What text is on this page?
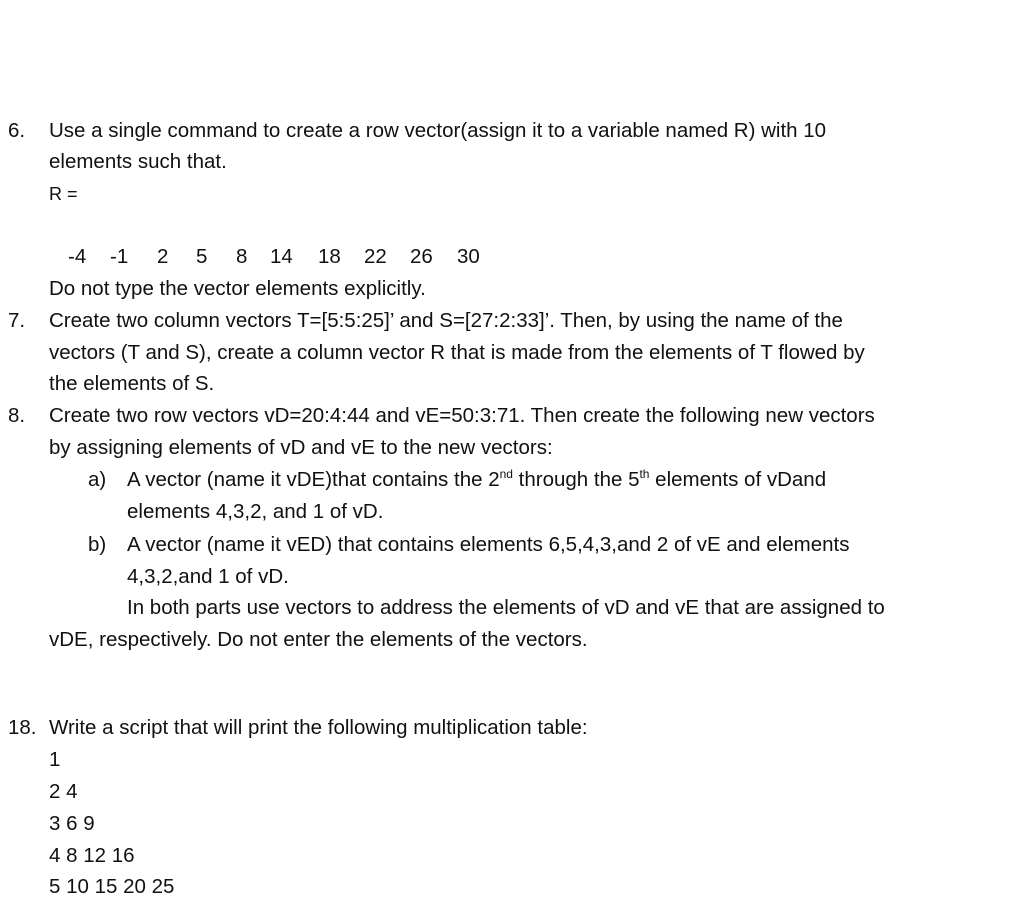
6. Use a single command to create a row vector(assign it to a variable named R) with 10
elements such that.
R =
-4 -1 2 5 8 14 18 22 26 30
Do not type the vector elements explicitly.
7. Create two column vectors T=[5:5:25]’ and S=[27:2:33]’. Then, by using the name of the
vectors (T and S), create a column vector R that is made from the elements of T flowed by
the elements of S.
8. Create two row vectors vD=20:4:44 and vE=50:3:71. Then create the following new vectors
by assigning elements of vD and vE to the new vectors:
a) A vector (name it vDE)that contains the 2nd through the 5th elements of vDand
elements 4,3,2, and 1 of vD.
b) A vector (name it vED) that contains elements 6,5,4,3,and 2 of vE and elements
4,3,2,and 1 of vD.
In both parts use vectors to address the elements of vD and vE that are assigned to
vDE, respectively. Do not enter the elements of the vectors.
18. Write a script that will print the following multiplication table:
1
2 4
3 6 9
4 8 12 16
5 10 15 20 25
